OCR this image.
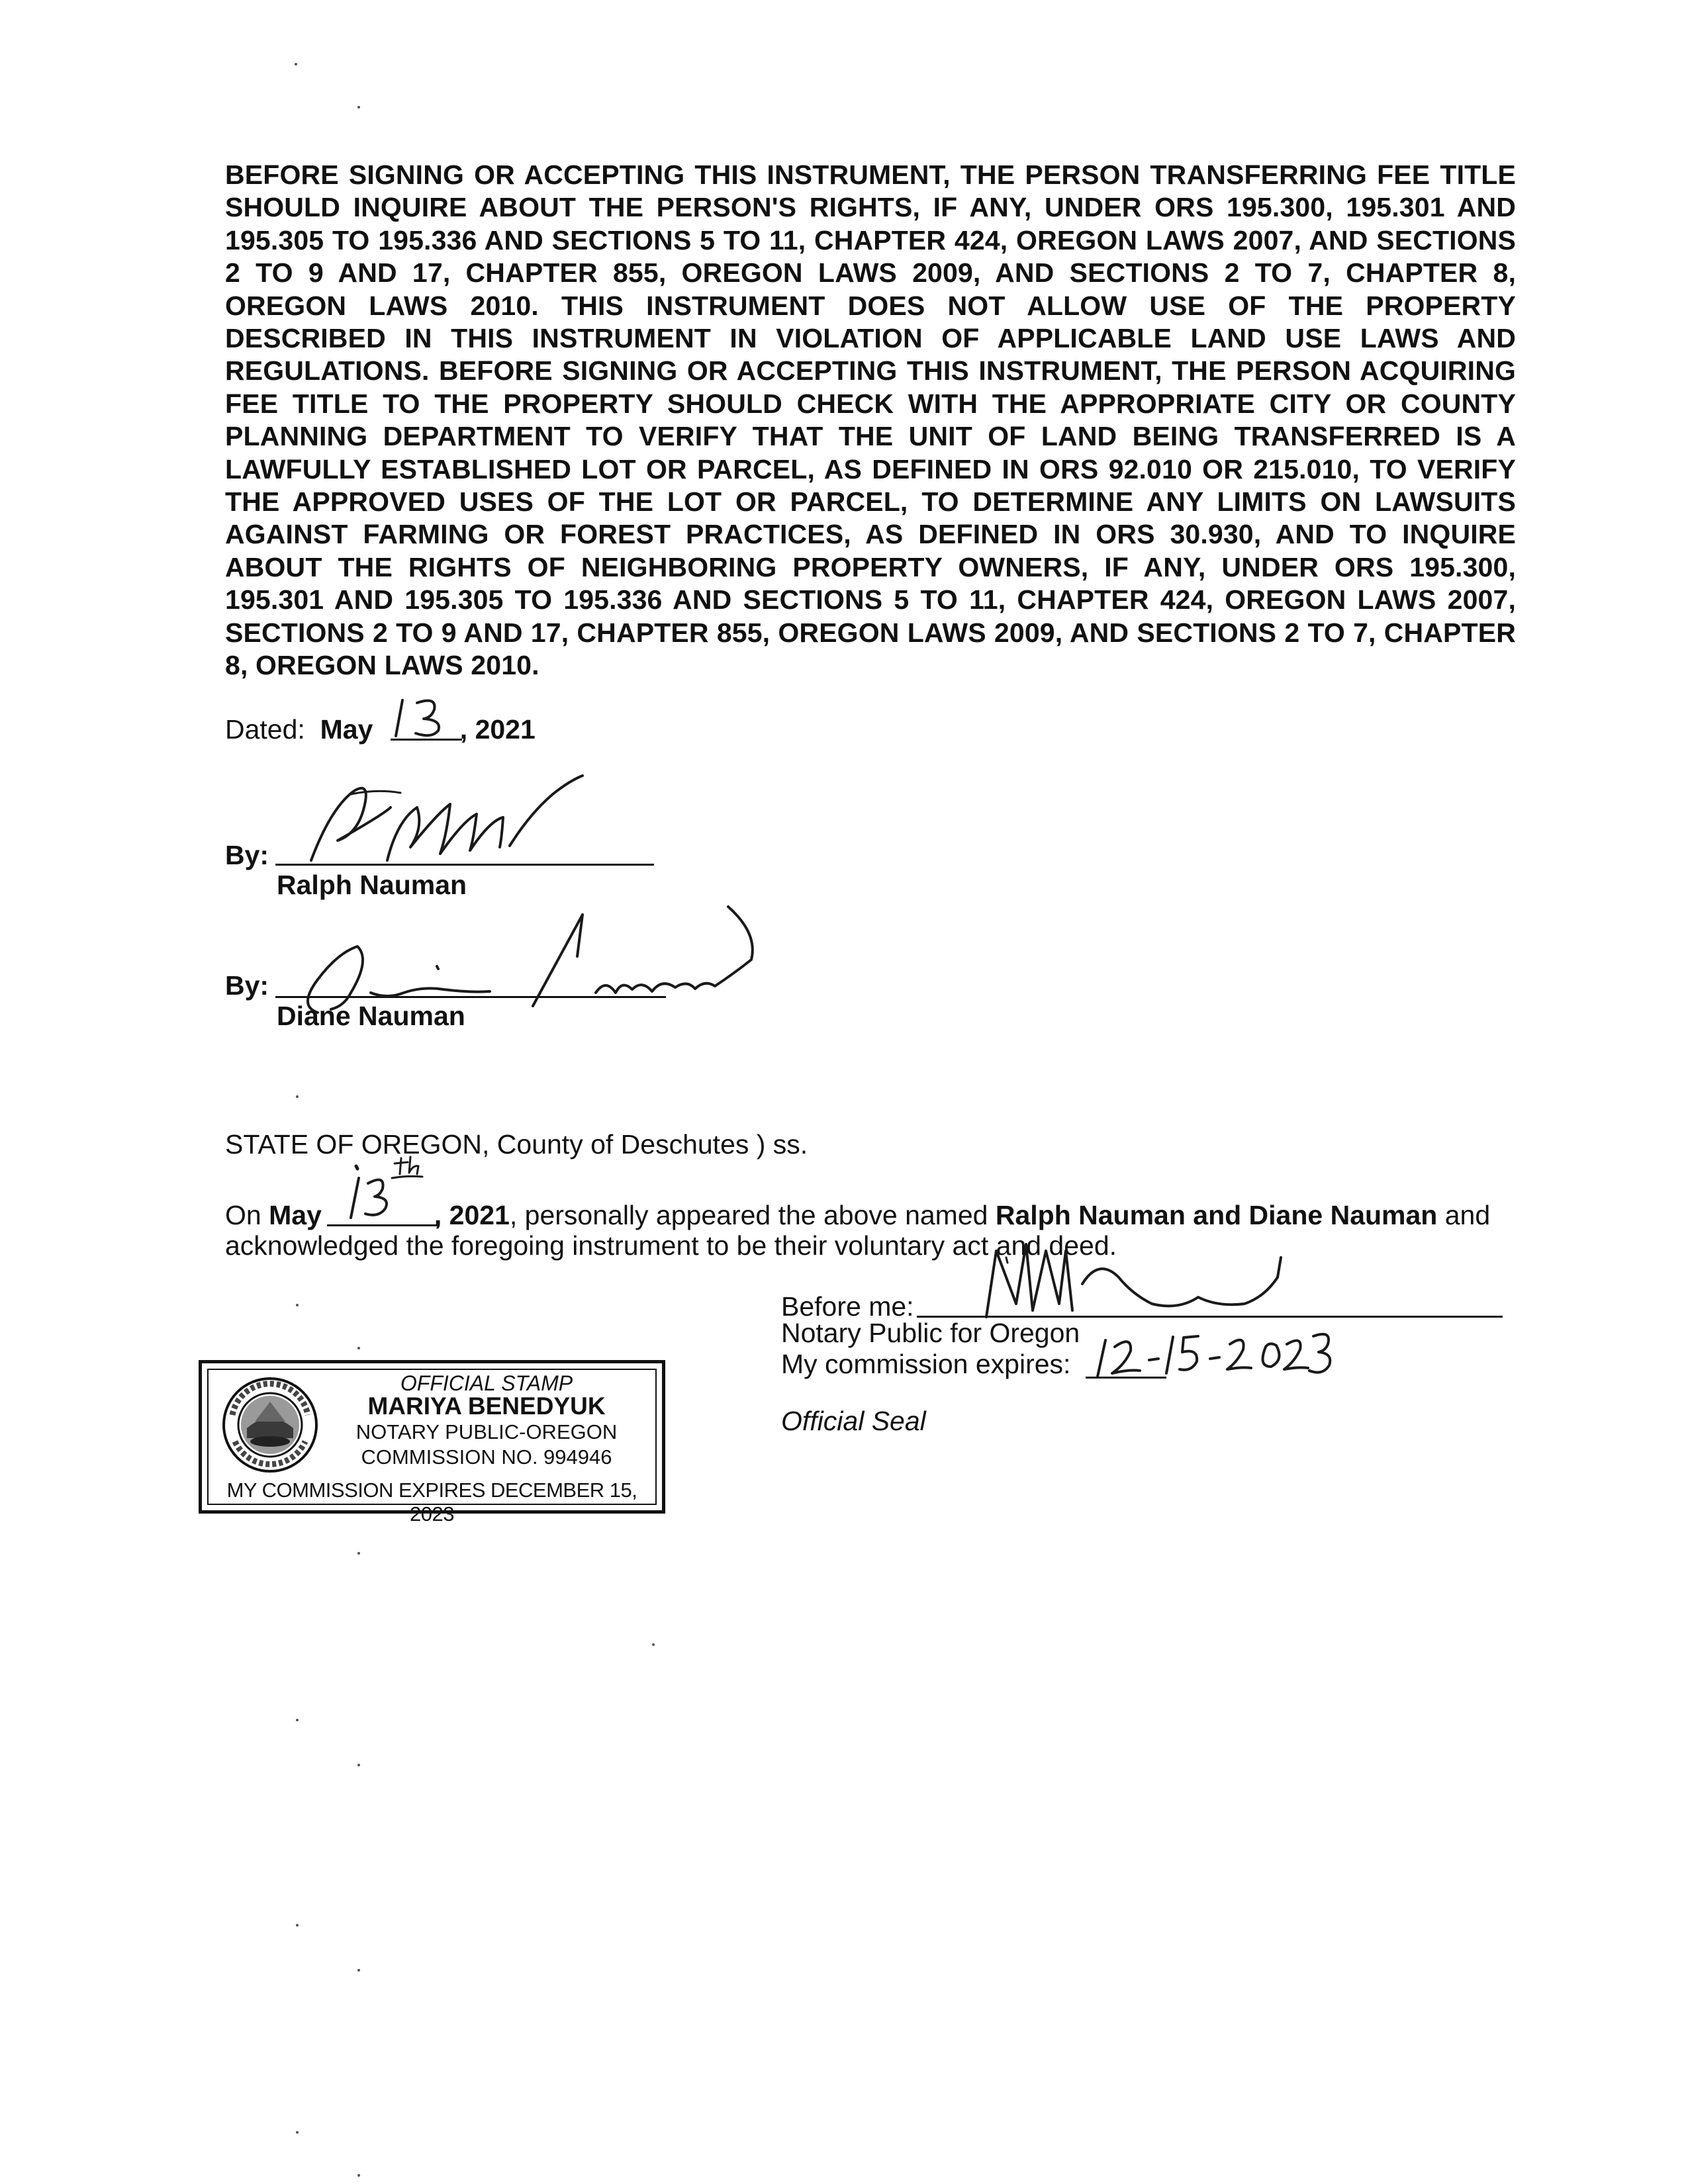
BEFORE SIGNING OR ACCEPTING THIS INSTRUMENT, THE PERSON TRANSFERRING FEE TITLE SHOULD INQUIRE ABOUT THE PERSON'S RIGHTS, IF ANY, UNDER ORS 195.300, 195.301 AND 195.305 TO 195.336 AND SECTIONS 5 TO 11, CHAPTER 424, OREGON LAWS 2007, AND SECTIONS 2 TO 9 AND 17, CHAPTER 855, OREGON LAWS 2009, AND SECTIONS 2 TO 7, CHAPTER 8, OREGON LAWS 2010. THIS INSTRUMENT DOES NOT ALLOW USE OF THE PROPERTY DESCRIBED IN THIS INSTRUMENT IN VIOLATION OF APPLICABLE LAND USE LAWS AND REGULATIONS. BEFORE SIGNING OR ACCEPTING THIS INSTRUMENT, THE PERSON ACQUIRING FEE TITLE TO THE PROPERTY SHOULD CHECK WITH THE APPROPRIATE CITY OR COUNTY PLANNING DEPARTMENT TO VERIFY THAT THE UNIT OF LAND BEING TRANSFERRED IS A LAWFULLY ESTABLISHED LOT OR PARCEL, AS DEFINED IN ORS 92.010 OR 215.010, TO VERIFY THE APPROVED USES OF THE LOT OR PARCEL, TO DETERMINE ANY LIMITS ON LAWSUITS AGAINST FARMING OR FOREST PRACTICES, AS DEFINED IN ORS 30.930, AND TO INQUIRE ABOUT THE RIGHTS OF NEIGHBORING PROPERTY OWNERS, IF ANY, UNDER ORS 195.300, 195.301 AND 195.305 TO 195.336 AND SECTIONS 5 TO 11, CHAPTER 424, OREGON LAWS 2007, SECTIONS 2 TO 9 AND 17, CHAPTER 855, OREGON LAWS 2009, AND SECTIONS 2 TO 7, CHAPTER 8, OREGON LAWS 2010.
Dated: May	, 2021
By:
Ralph Nauman
By:
Diane Nauman
STATE OF OREGON, County of Deschutes ) ss.
On May	, 2021, personally appeared the above named Ralph Nauman and Diane Nauman and
acknowledged the foregoing instrument to be their voluntary act and deed.
Before me:
Notary Public for Oregon
My commission expires:
Official Seal
OFFICIAL STAMP
MARIYA BENEDYUK
NOTARY PUBLIC-OREGON
COMMISSION NO. 994946
MY COMMISSION EXPIRES DECEMBER 15, 2023
